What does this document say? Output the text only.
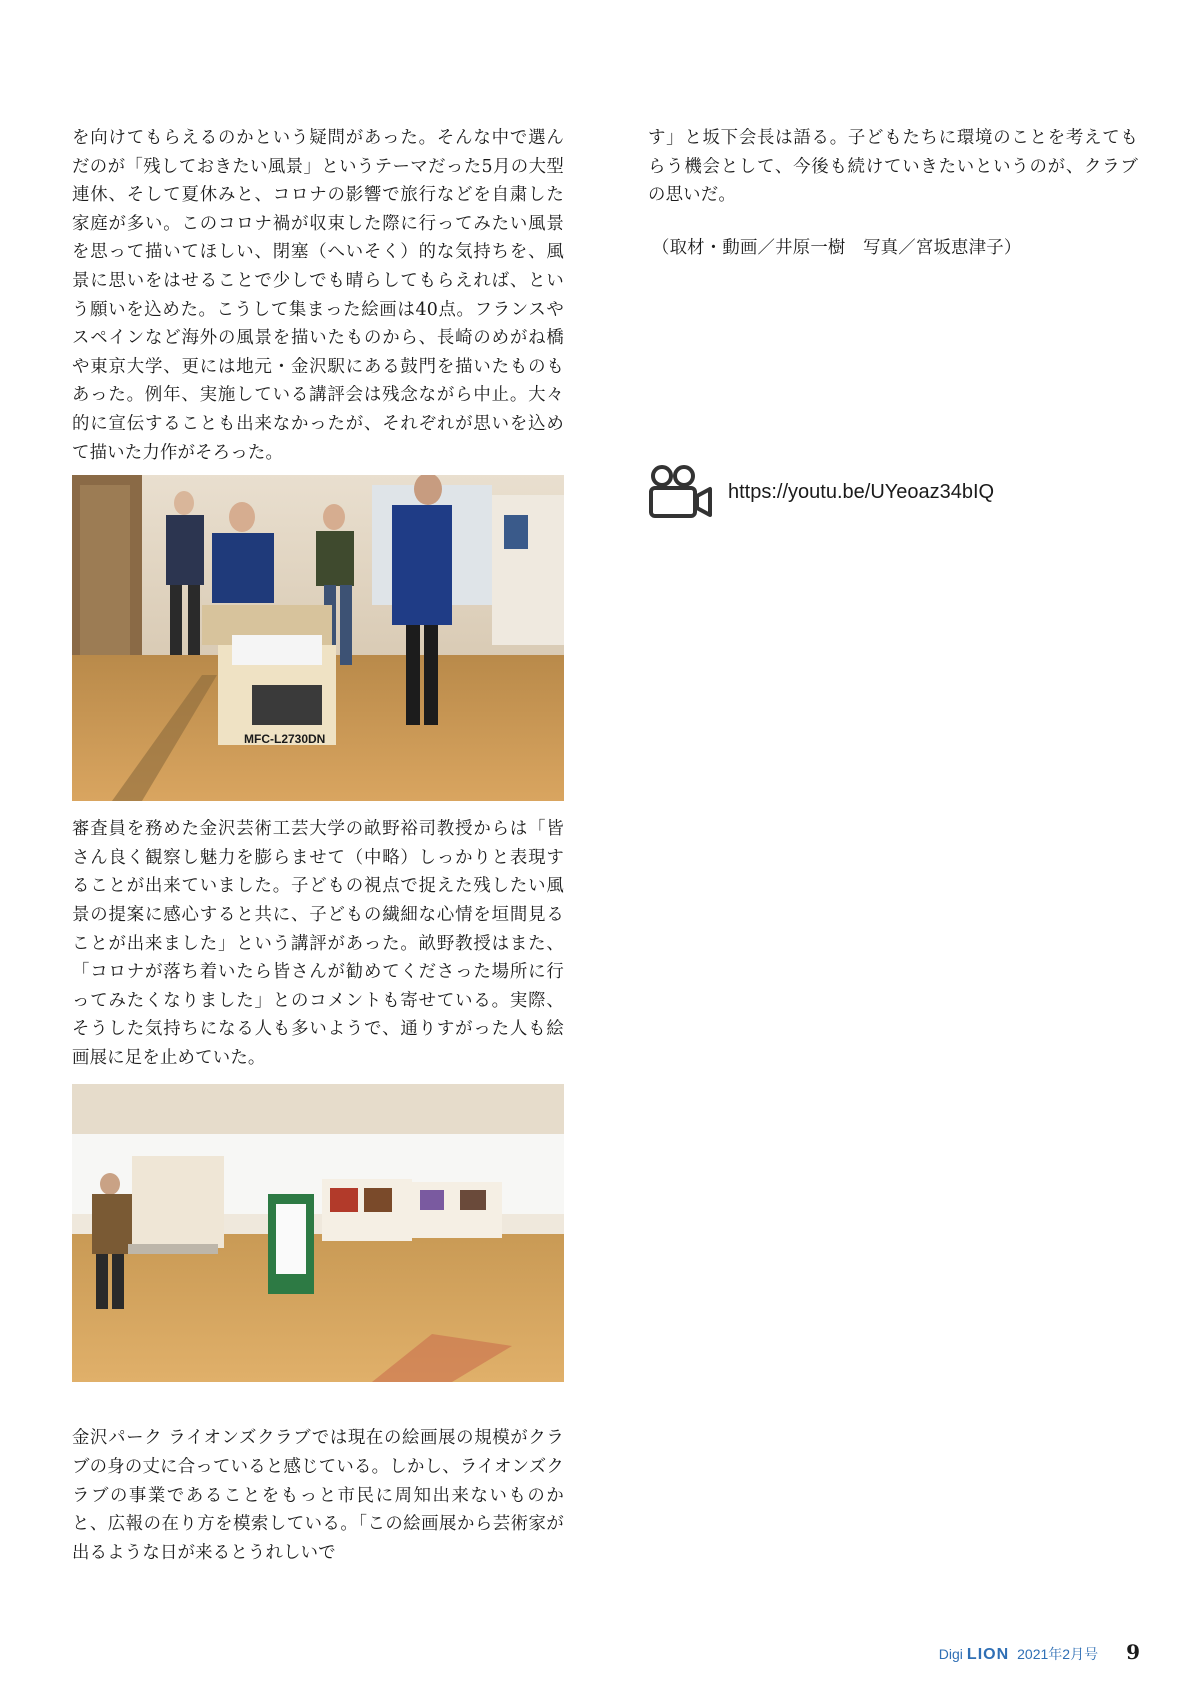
を向けてもらえるのかという疑問があった。そんな中で選んだのが「残しておきたい風景」というテーマだった5月の大型連休、そして夏休みと、コロナの影響で旅行などを自粛した家庭が多い。このコロナ禍が収束した際に行ってみたい風景を思って描いてほしい、閉塞（へいそく）的な気持ちを、風景に思いをはせることで少しでも晴らしてもらえれば、という願いを込めた。こうして集まった絵画は40点。フランスやスペインなど海外の風景を描いたものから、長崎のめがね橋や東京大学、更には地元・金沢駅にある鼓門を描いたものもあった。例年、実施している講評会は残念ながら中止。大々的に宣伝することも出来なかったが、それぞれが思いを込めて描いた力作がそろった。

MFC-L2730DN

審査員を務めた金沢芸術工芸大学の畝野裕司教授からは「皆さん良く観察し魅力を膨らませて（中略）しっかりと表現することが出来ていました。子どもの視点で捉えた残したい風景の提案に感心すると共に、子どもの繊細な心情を垣間見ることが出来ました」という講評があった。畝野教授はまた、「コロナが落ち着いたら皆さんが勧めてくださった場所に行ってみたくなりました」とのコメントも寄せている。実際、そうした気持ちになる人も多いようで、通りすがった人も絵画展に足を止めていた。

金沢パーク ライオンズクラブでは現在の絵画展の規模がクラブの身の丈に合っていると感じている。しかし、ライオンズクラブの事業であることをもっと市民に周知出来ないものかと、広報の在り方を模索している。「この絵画展から芸術家が出るような日が来るとうれしいで

す」と坂下会長は語る。子どもたちに環境のことを考えてもらう機会として、今後も続けていきたいというのが、クラブの思いだ。

（取材・動画／井原一樹　写真／宮坂恵津子）

https://youtu.be/UYeoaz34bIQ
Digi LION 2021年2月号 9
